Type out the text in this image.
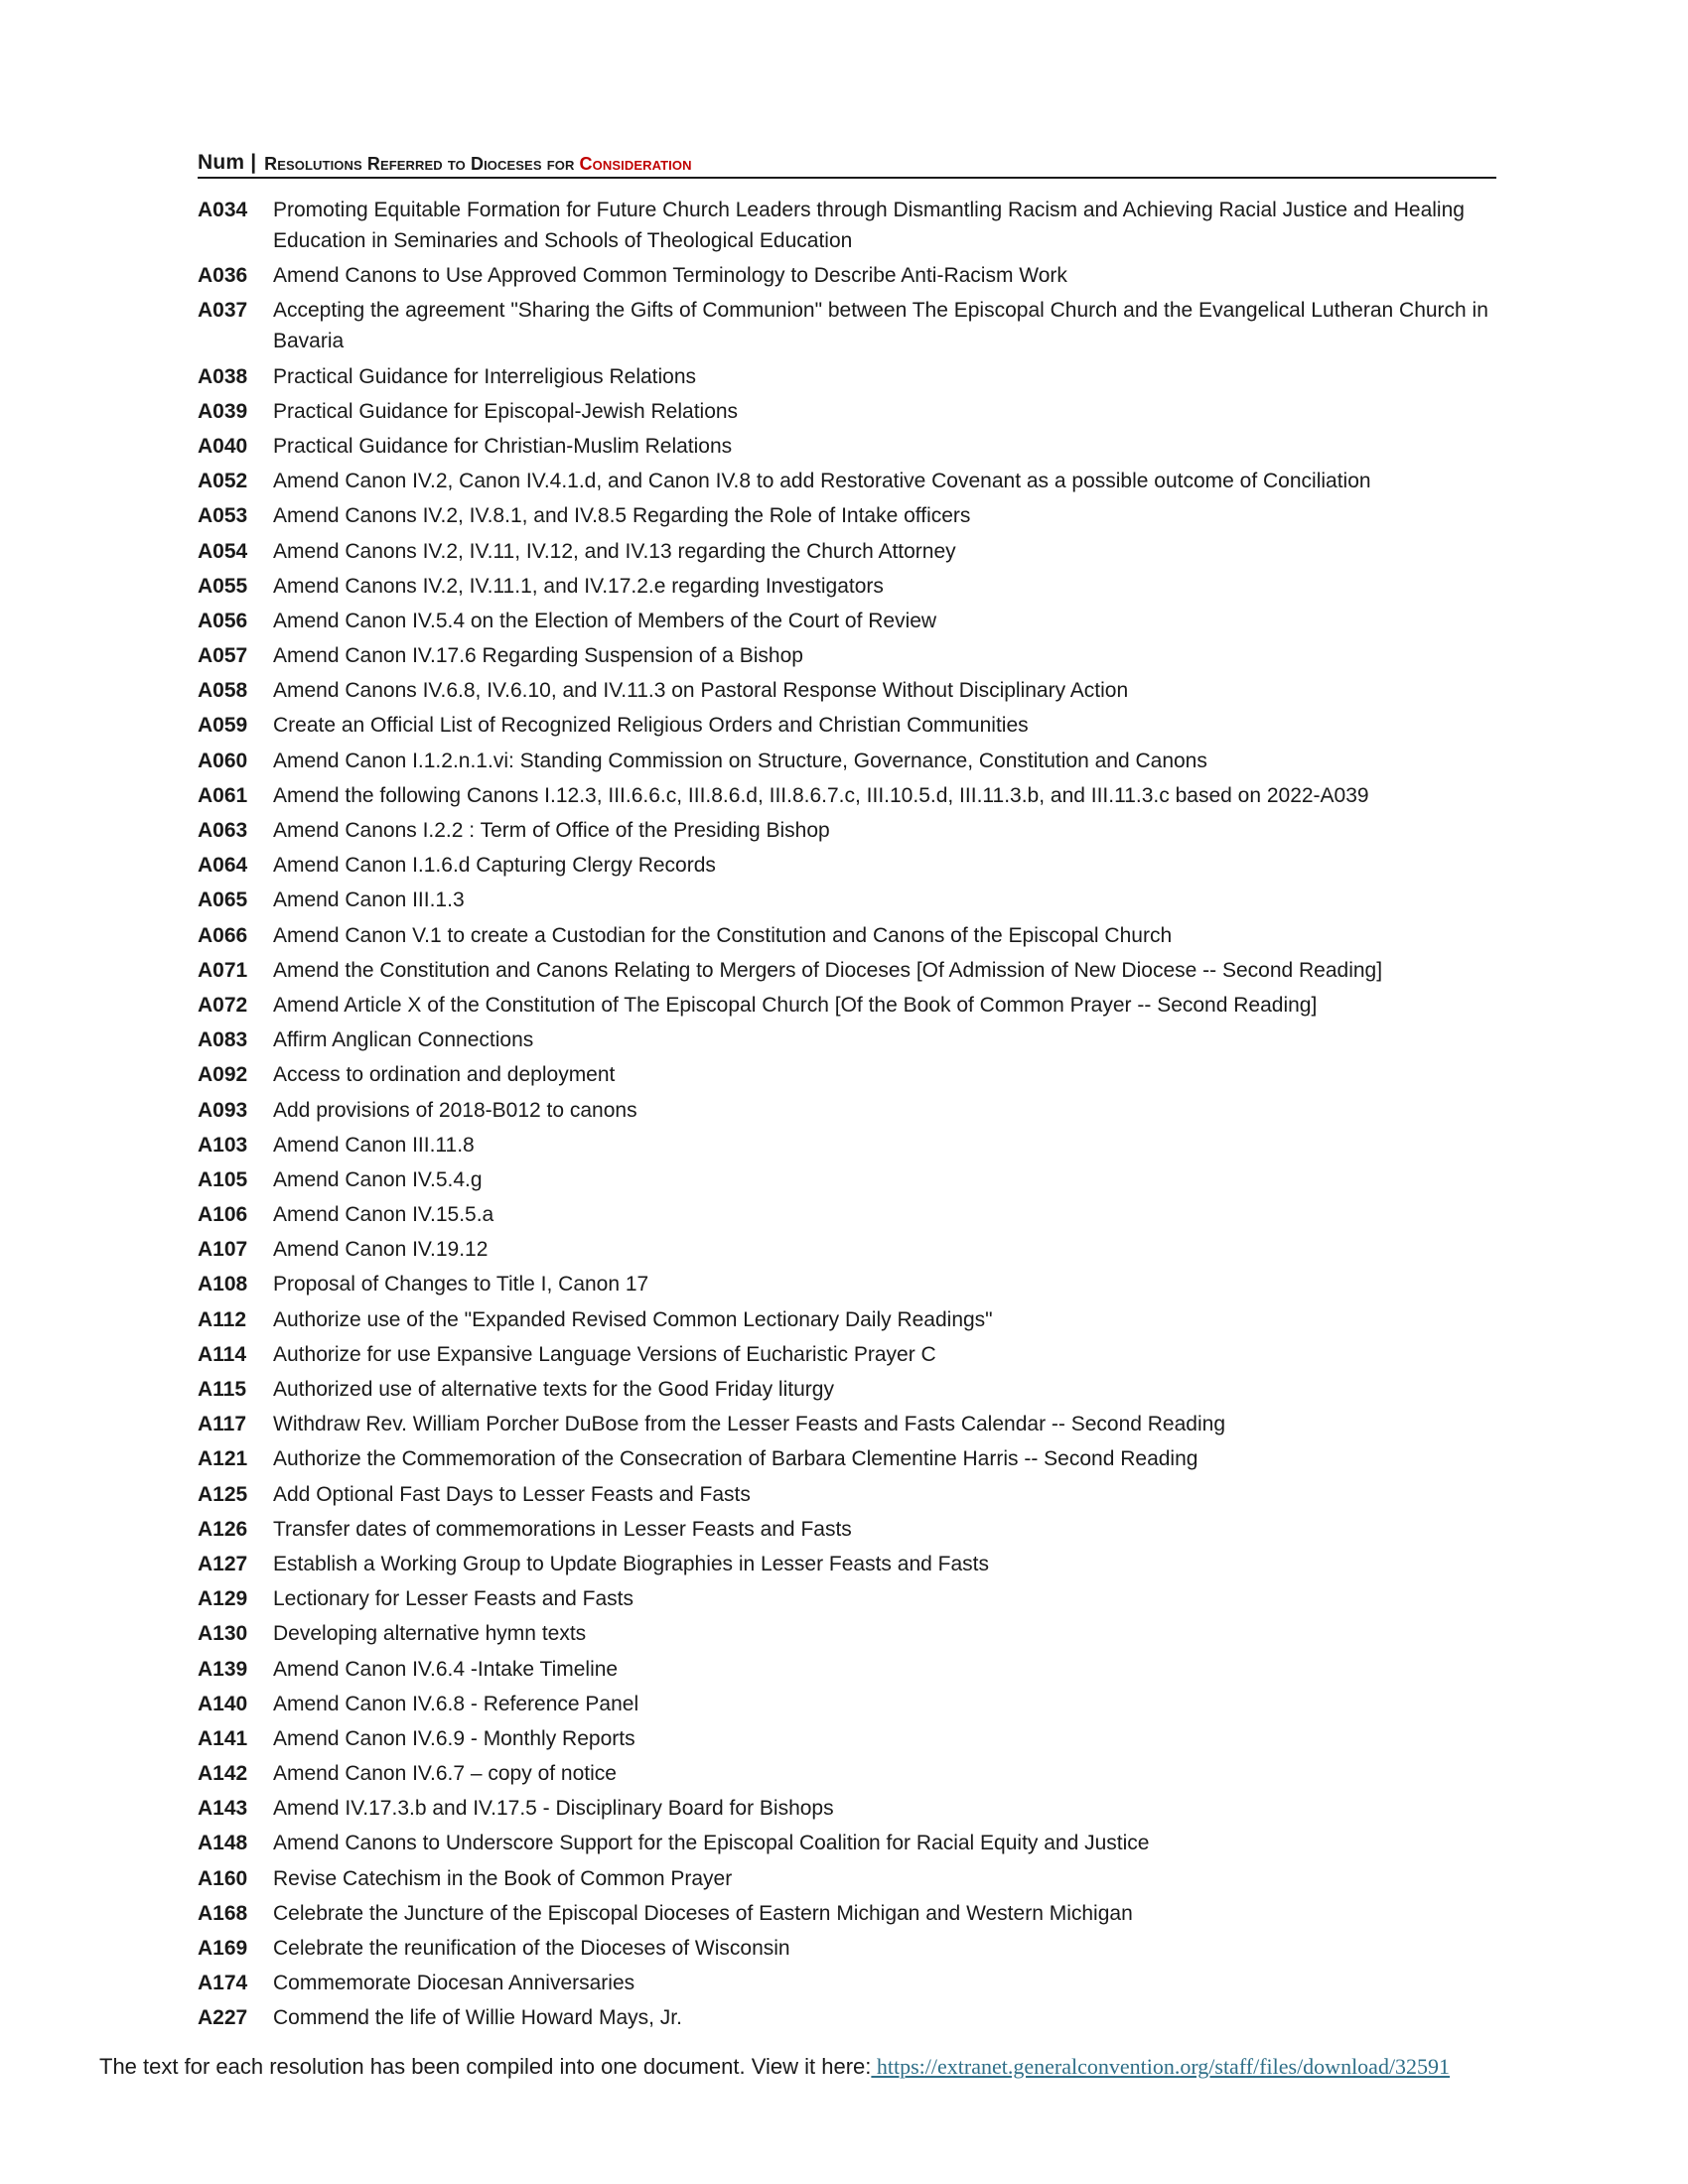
Num | Resolutions Referred to Dioceses for Consideration
A034	Promoting Equitable Formation for Future Church Leaders through Dismantling Racism and Achieving Racial Justice and Healing Education in Seminaries and Schools of Theological Education
A036	Amend Canons to Use Approved Common Terminology to Describe Anti-Racism Work
A037	Accepting the agreement "Sharing the Gifts of Communion" between The Episcopal Church and the Evangelical Lutheran Church in Bavaria
A038	Practical Guidance for Interreligious Relations
A039	Practical Guidance for Episcopal-Jewish Relations
A040	Practical Guidance for Christian-Muslim Relations
A052	Amend Canon IV.2, Canon IV.4.1.d, and Canon IV.8 to add Restorative Covenant as a possible outcome of Conciliation
A053	Amend Canons IV.2, IV.8.1, and IV.8.5 Regarding the Role of Intake officers
A054	Amend Canons IV.2, IV.11, IV.12, and IV.13 regarding the Church Attorney
A055	Amend Canons IV.2, IV.11.1, and IV.17.2.e regarding Investigators
A056	Amend Canon IV.5.4 on the Election of Members of the Court of Review
A057	Amend Canon IV.17.6 Regarding Suspension of a Bishop
A058	Amend Canons IV.6.8, IV.6.10, and IV.11.3 on Pastoral Response Without Disciplinary Action
A059	Create an Official List of Recognized Religious Orders and Christian Communities
A060	Amend Canon I.1.2.n.1.vi: Standing Commission on Structure, Governance, Constitution and Canons
A061	Amend the following Canons I.12.3, III.6.6.c, III.8.6.d, III.8.6.7.c, III.10.5.d, III.11.3.b, and III.11.3.c based on 2022-A039
A063	Amend Canons I.2.2 : Term of Office of the Presiding Bishop
A064	Amend Canon I.1.6.d Capturing Clergy Records
A065	Amend Canon III.1.3
A066	Amend Canon V.1 to create a Custodian for the Constitution and Canons of the Episcopal Church
A071	Amend the Constitution and Canons Relating to Mergers of Dioceses [Of Admission of New Diocese -- Second Reading]
A072	Amend Article X of the Constitution of The Episcopal Church [Of the Book of Common Prayer -- Second Reading]
A083	Affirm Anglican Connections
A092	Access to ordination and deployment
A093	Add provisions of 2018-B012 to canons
A103	Amend Canon III.11.8
A105	Amend Canon IV.5.4.g
A106	Amend Canon IV.15.5.a
A107	Amend Canon IV.19.12
A108	Proposal of Changes to Title I, Canon 17
A112	Authorize use of the "Expanded Revised Common Lectionary Daily Readings"
A114	Authorize for use Expansive Language Versions of Eucharistic Prayer C
A115	Authorized use of alternative texts for the Good Friday liturgy
A117	Withdraw Rev. William Porcher DuBose from the Lesser Feasts and Fasts Calendar -- Second Reading
A121	Authorize the Commemoration of the Consecration of Barbara Clementine Harris -- Second Reading
A125	Add Optional Fast Days to Lesser Feasts and Fasts
A126	Transfer dates of commemorations in Lesser Feasts and Fasts
A127	Establish a Working Group to Update Biographies in Lesser Feasts and Fasts
A129	Lectionary for Lesser Feasts and Fasts
A130	Developing alternative hymn texts
A139	Amend Canon IV.6.4 -Intake Timeline
A140	Amend Canon IV.6.8 - Reference Panel
A141	Amend Canon IV.6.9 - Monthly Reports
A142	Amend Canon IV.6.7 – copy of notice
A143	Amend IV.17.3.b and IV.17.5 - Disciplinary Board for Bishops
A148	Amend Canons to Underscore Support for the Episcopal Coalition for Racial Equity and Justice
A160	Revise Catechism in the Book of Common Prayer
A168	Celebrate the Juncture of the Episcopal Dioceses of Eastern Michigan and Western Michigan
A169	Celebrate the reunification of the Dioceses of Wisconsin
A174	Commemorate Diocesan Anniversaries
A227	Commend the life of Willie Howard Mays, Jr.
The text for each resolution has been compiled into one document. View it here: https://extranet.generalconvention.org/staff/files/download/32591
